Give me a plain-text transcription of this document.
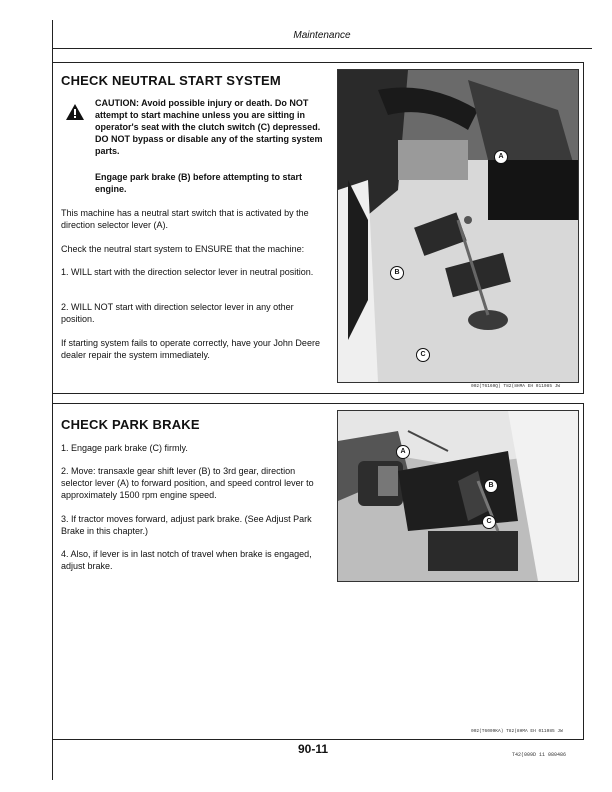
Maintenance
CHECK NEUTRAL START SYSTEM
CAUTION: Avoid possible injury or death. Do NOT attempt to start machine unless you are sitting in operator's seat with the clutch switch (C) depressed. DO NOT bypass or disable any of the starting system parts.
Engage park brake (B) before attempting to start engine.
This machine has a neutral start switch that is activated by the direction selector lever (A).
Check the neutral start system to ENSURE that the machine:
1. WILL start with the direction selector lever in neutral position.
2. WILL NOT start with direction selector lever in any other position.
If starting system fails to operate correctly, have your John Deere dealer repair the system immediately.
A
B
C
002(T6160Q) T82(8HMA EH 011085 JW
CHECK PARK BRAKE
1. Engage park brake (C) firmly.
2. Move: transaxle gear shift lever (B) to 3rd gear, direction selector lever (A) to forward position, and speed control lever to approximately 1500 rpm engine speed.
3. If tractor moves forward, adjust park brake. (See Adjust Park Brake in this chapter.)
4. Also, if lever is in last notch of travel when brake is engaged, adjust brake.
A
B
C
002(T6009KA) T82(8HMA EH 011085 JW
90-11	T42(009D 11 080486
